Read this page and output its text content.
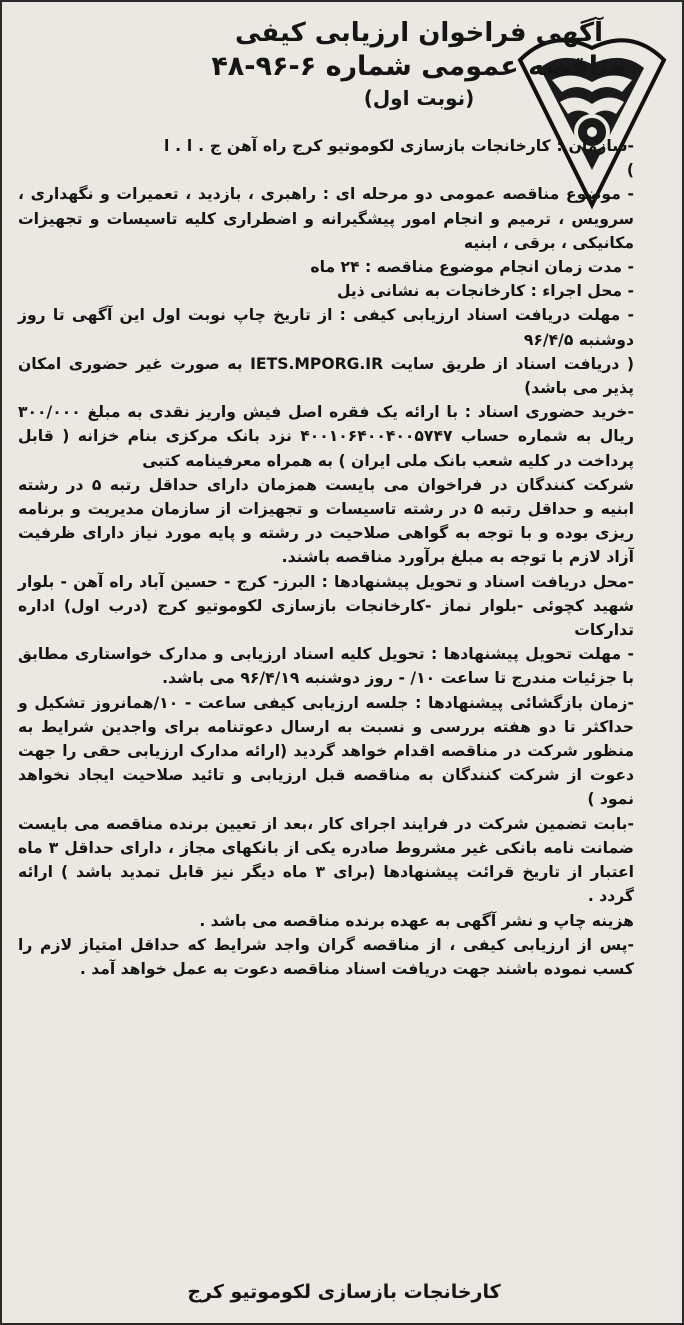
آگهی فراخوان ارزیابی کیفی
مناقصه عمومی شماره ۶-۹۶-۴۸
(نوبت اول)

-سازمان : کارخانجات بازسازی لکوموتیو کرج راه آهن ج . ا . ا )

- موضوع مناقصه عمومی دو مرحله ای : راهبری ، بازدید ، تعمیرات و نگهداری ، سرویس ، ترمیم و انجام امور پیشگیرانه و اضطراری کلیه تاسیسات و تجهیزات مکانیکی ، برقی ، ابنیه

- مدت زمان انجام موضوع مناقصه : ۲۴ ماه

- محل اجراء : کارخانجات به نشانی ذیل

- مهلت دریافت اسناد ارزیابی کیفی : از تاریخ چاپ نوبت اول این آگهی تا روز دوشنبه ۹۶/۴/۵

( دریافت اسناد از طریق سایت IETS.MPORG.IR به صورت غیر حضوری امکان پذیر می باشد)

-خرید حضوری اسناد : با ارائه یک فقره اصل فیش واریز نقدی به مبلغ ۳۰۰/۰۰۰ ریال به شماره حساب ۴۰۰۱۰۶۴۰۰۴۰۰۵۷۴۷ نزد بانک مرکزی بنام خزانه ( قابل پرداخت در کلیه شعب بانک ملی ایران ) به همراه معرفینامه کتبی

شرکت کنندگان در فراخوان می بایست همزمان دارای حداقل رتبه ۵ در رشته ابنیه و حداقل رتبه ۵ در رشته تاسیسات و تجهیزات از سازمان مدیریت و برنامه ریزی بوده و با توجه به گواهی صلاحیت در رشته و پایه مورد نیاز دارای ظرفیت آزاد لازم با توجه به مبلغ برآورد مناقصه باشند.

-محل دریافت اسناد و تحویل پیشنهادها : البرز- کرج - حسین آباد راه آهن - بلوار شهید کچوئی -بلوار نماز -کارخانجات بازسازی لکوموتیو کرج (درب اول) اداره تدارکات

- مهلت تحویل پیشنهادها : تحویل کلیه اسناد ارزیابی و مدارک خواستاری مطابق با جزئیات مندرج تا ساعت ۱۰/ - روز دوشنبه ۹۶/۴/۱۹ می باشد.

-زمان بازگشائی پیشنهادها : جلسه ارزیابی کیفی ساعت - ۱۰/همانروز تشکیل و حداکثر تا دو هفته بررسی و نسبت به ارسال دعوتنامه برای واجدین شرایط به منظور شرکت در مناقصه اقدام خواهد گردید (ارائه مدارک ارزیابی حقی را جهت دعوت از شرکت کنندگان به مناقصه قبل ارزیابی و تائید صلاحیت ایجاد نخواهد نمود )

-بابت تضمین شرکت در فرایند اجرای کار ،بعد از تعیین برنده مناقصه می بایست ضمانت نامه بانکی غیر مشروط صادره یکی از بانکهای مجاز ، دارای حداقل ۳ ماه اعتبار از تاریخ قرائت پیشنهادها (برای ۳ ماه دیگر نیز قابل تمدید باشد ) ارائه گردد .

هزینه چاپ و نشر آگهی به عهده برنده مناقصه می باشد .

-پس از ارزیابی کیفی ، از مناقصه گران واجد شرایط که حداقل امتیاز لازم را کسب نموده باشند جهت دریافت اسناد مناقصه دعوت به عمل خواهد آمد .

کارخانجات بازسازی لکوموتیو کرج
